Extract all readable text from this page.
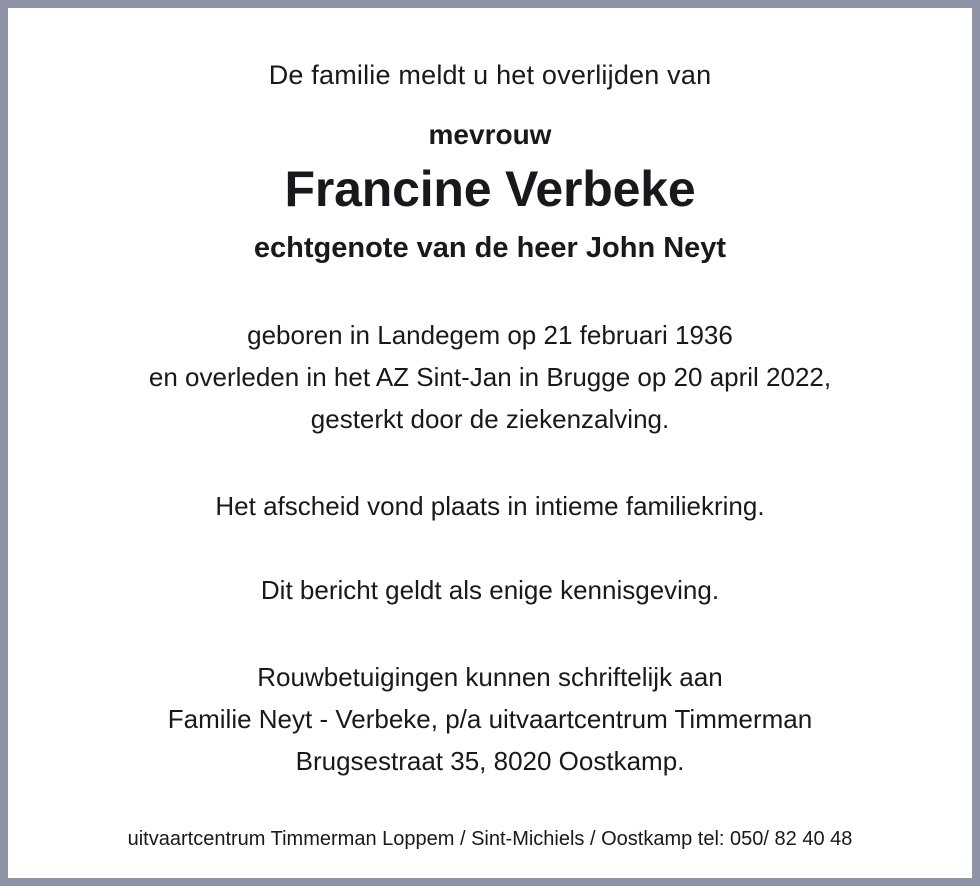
De familie meldt u het overlijden van
mevrouw
Francine Verbeke
echtgenote van de heer John Neyt
geboren in Landegem op 21 februari 1936
en overleden in het AZ Sint-Jan in Brugge op 20 april 2022,
gesterkt door de ziekenzalving.
Het afscheid vond plaats in intieme familiekring.
Dit bericht geldt als enige kennisgeving.
Rouwbetuigingen kunnen schriftelijk aan
Familie Neyt - Verbeke, p/a uitvaartcentrum Timmerman
Brugsestraat 35, 8020 Oostkamp.
uitvaartcentrum Timmerman Loppem / Sint-Michiels / Oostkamp tel: 050/ 82 40 48
